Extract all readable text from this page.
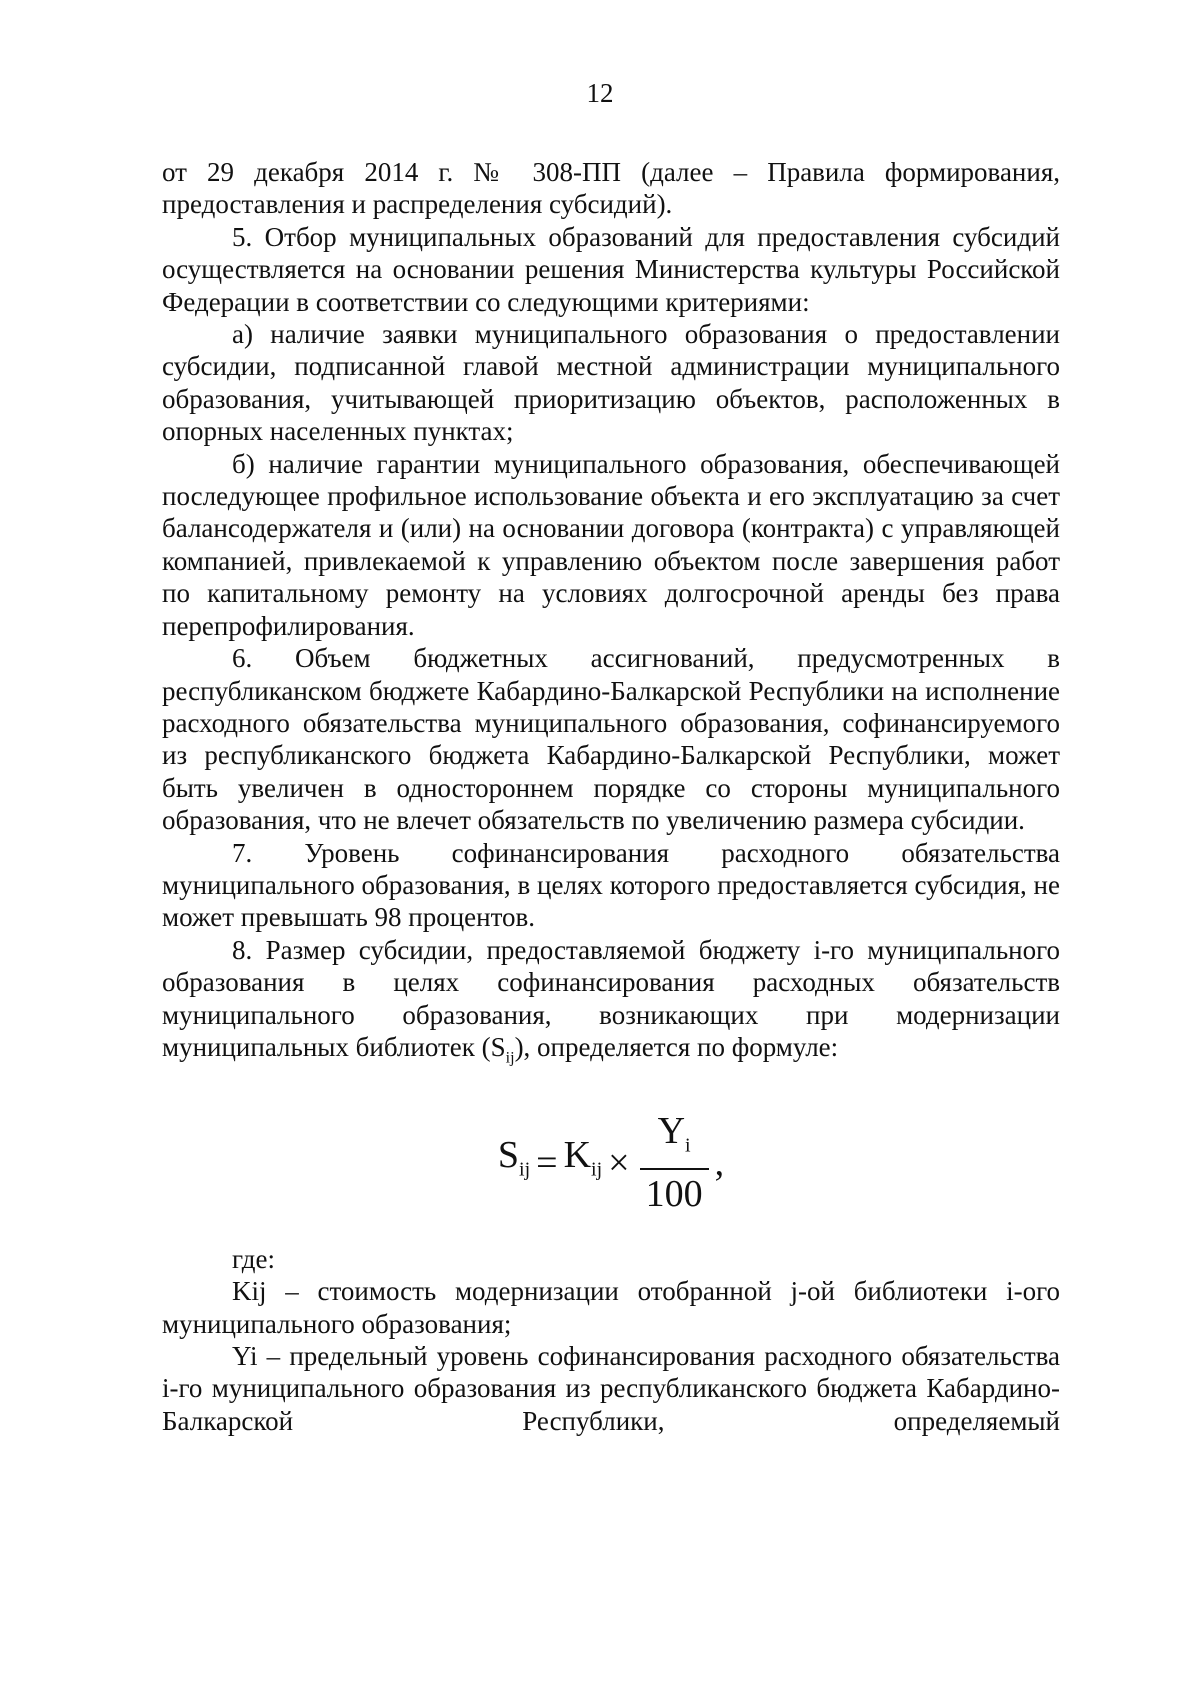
12

от 29 декабря 2014 г. № 308-ПП (далее – Правила формирования, предоставления и распределения субсидий).

5. Отбор муниципальных образований для предоставления субсидий осуществляется на основании решения Министерства культуры Российской Федерации в соответствии со следующими критериями:

а) наличие заявки муниципального образования о предоставлении субсидии, подписанной главой местной администрации муниципального образования, учитывающей приоритизацию объектов, расположенных в опорных населенных пунктах;

б) наличие гарантии муниципального образования, обеспечивающей последующее профильное использование объекта и его эксплуатацию за счет балансодержателя и (или) на основании договора (контракта) с управляющей компанией, привлекаемой к управлению объектом после завершения работ по капитальному ремонту на условиях долгосрочной аренды без права перепрофилирования.

6. Объем бюджетных ассигнований, предусмотренных в республиканском бюджете Кабардино-Балкарской Республики на исполнение расходного обязательства муниципального образования, софинансируемого из республиканского бюджета Кабардино-Балкарской Республики, может быть увеличен в одностороннем порядке со стороны муниципального образования, что не влечет обязательств по увеличению размера субсидии.

7. Уровень софинансирования расходного обязательства муниципального образования, в целях которого предоставляется субсидия, не может превышать 98 процентов.

8. Размер субсидии, предоставляемой бюджету i-го муниципального образования в целях софинансирования расходных обязательств муниципального образования, возникающих при модернизации муниципальных библиотек $(S_{ij})$, определяется по формуле:

$S_{ij} = K_{ij} \times \frac{Y_i}{100}$ ,

где:

Kij – стоимость модернизации отобранной j-ой библиотеки i-ого муниципального образования;

Yi – предельный уровень софинансирования расходного обязательства i-го муниципального образования из республиканского бюджета Кабардино-Балкарской Республики, определяемый
